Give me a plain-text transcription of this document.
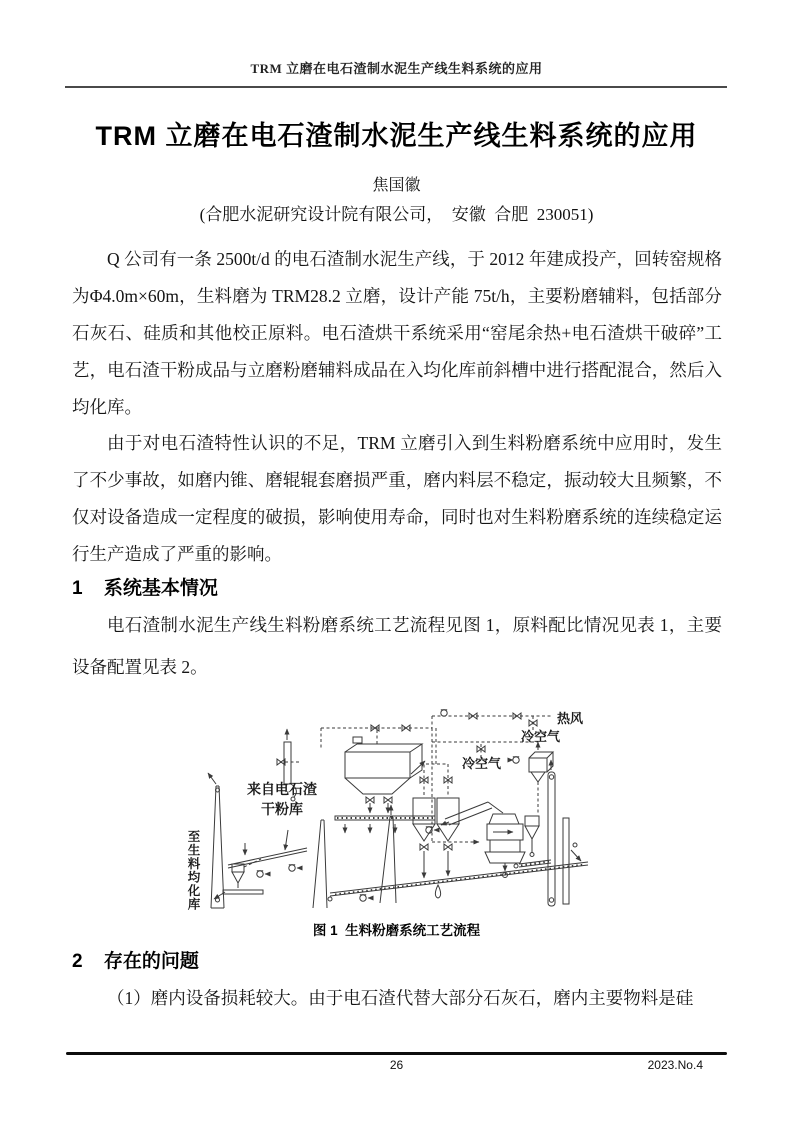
TRM 立磨在电石渣制水泥生产线生料系统的应用
TRM 立磨在电石渣制水泥生产线生料系统的应用
焦国徽
(合肥水泥研究设计院有限公司，  安徽  合肥  230051)
Q 公司有一条 2500t/d 的电石渣制水泥生产线，于 2012 年建成投产，回转窑规格为Φ4.0m×60m，生料磨为 TRM28.2 立磨，设计产能 75t/h，主要粉磨辅料，包括部分石灰石、硅质和其他校正原料。电石渣烘干系统采用“窑尾余热+电石渣烘干破碎”工艺，电石渣干粉成品与立磨粉磨辅料成品在入均化库前斜槽中进行搭配混合，然后入均化库。
由于对电石渣特性认识的不足，TRM 立磨引入到生料粉磨系统中应用时，发生了不少事故，如磨内锥、磨辊辊套磨损严重，磨内料层不稳定，振动较大且频繁，不仅对设备造成一定程度的破损，影响使用寿命，同时也对生料粉磨系统的连续稳定运行生产造成了严重的影响。
1 系统基本情况
电石渣制水泥生产线生料粉磨系统工艺流程见图 1，原料配比情况见表 1，主要设备配置见表 2。
热风
冷空气
冷空气
来自电石渣
干粉库
至生料均化库
图 1  生料粉磨系统工艺流程
2 存在的问题
（1）磨内设备损耗较大。由于电石渣代替大部分石灰石，磨内主要物料是硅
26	2023.No.4
